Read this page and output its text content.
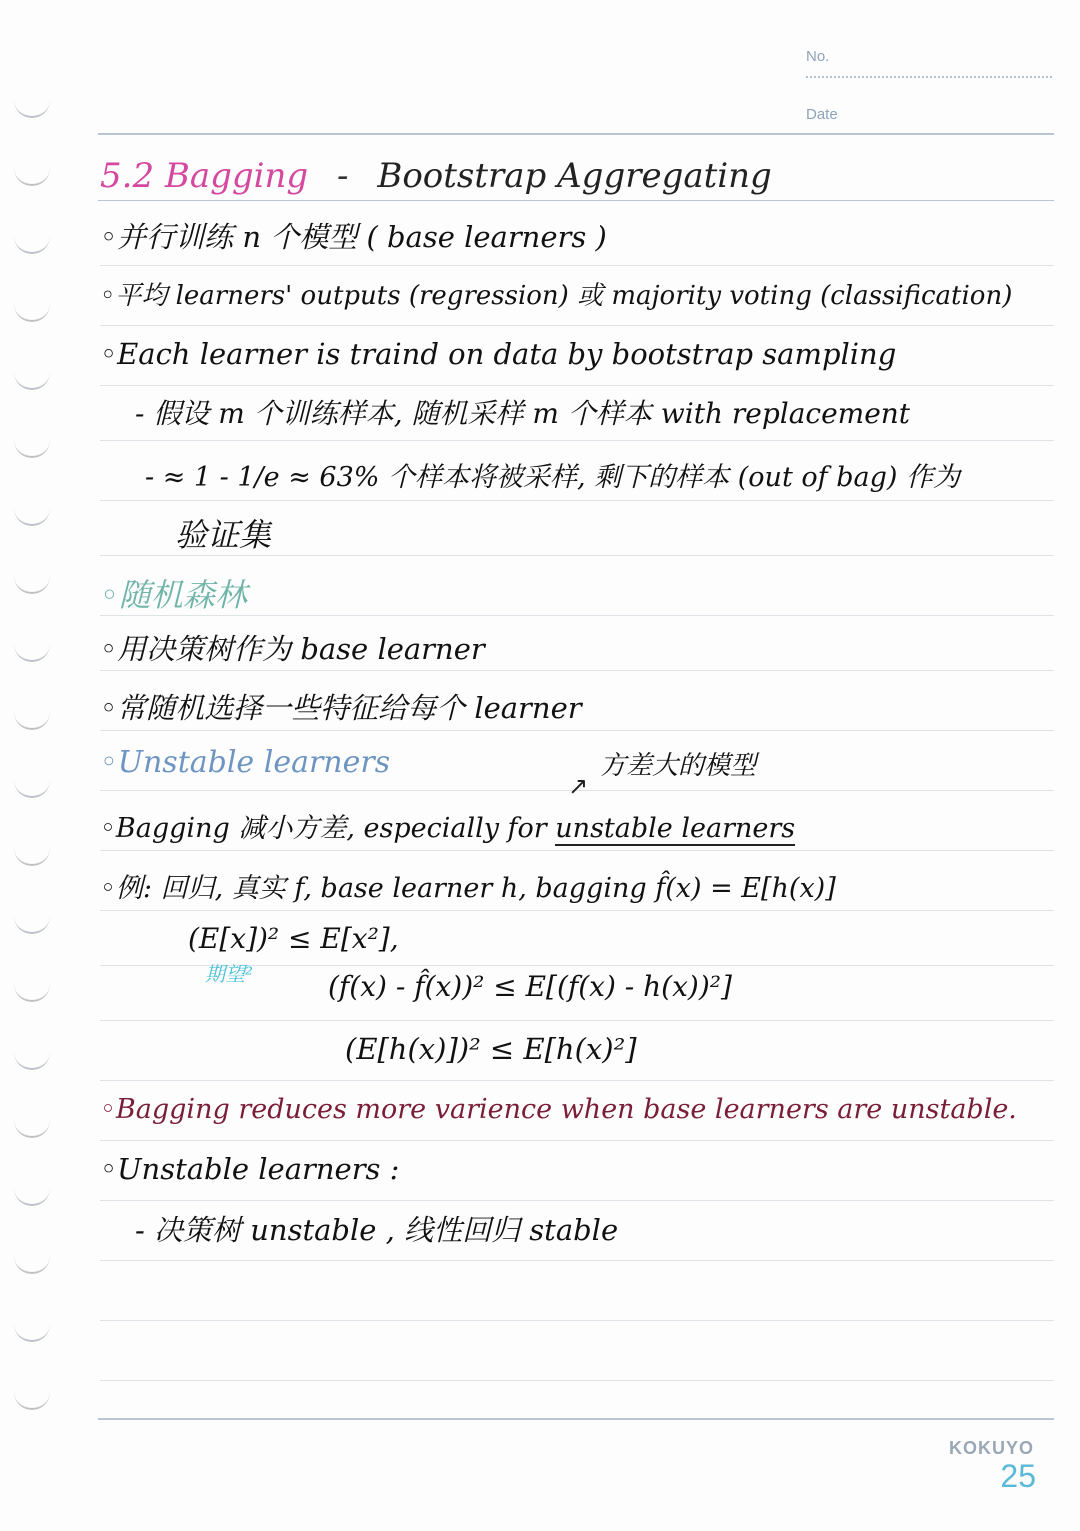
No.
Date
5.2 Bagging - Bootstrap Aggregating
◦并行训练 n 个模型 ( base learners )
◦平均 learners' outputs (regression) 或 majority voting (classification)
◦Each learner is traind on data by bootstrap sampling
- 假设 m 个训练样本, 随机采样 m 个样本 with replacement
- ≈ 1 - 1/e ≈ 63% 个样本将被采样, 剩下的样本 (out of bag) 作为
验证集
◦随机森林
◦用决策树作为 base learner
◦常随机选择一些特征给每个 learner
◦Unstable learners	方差大的模型
↗
◦Bagging 减小方差, especially for unstable learners
◦例: 回归, 真实 f, base learner h, bagging f̂(x) = E[h(x)]
(E[x])² ≤ E[x²],
期望²	(f(x) - f̂(x))² ≤ E[(f(x) - h(x))²]
(E[h(x)])² ≤ E[h(x)²]
◦Bagging reduces more varience when base learners are unstable.
◦Unstable learners :
- 决策树 unstable , 线性回归 stable
KOKUYO
25
